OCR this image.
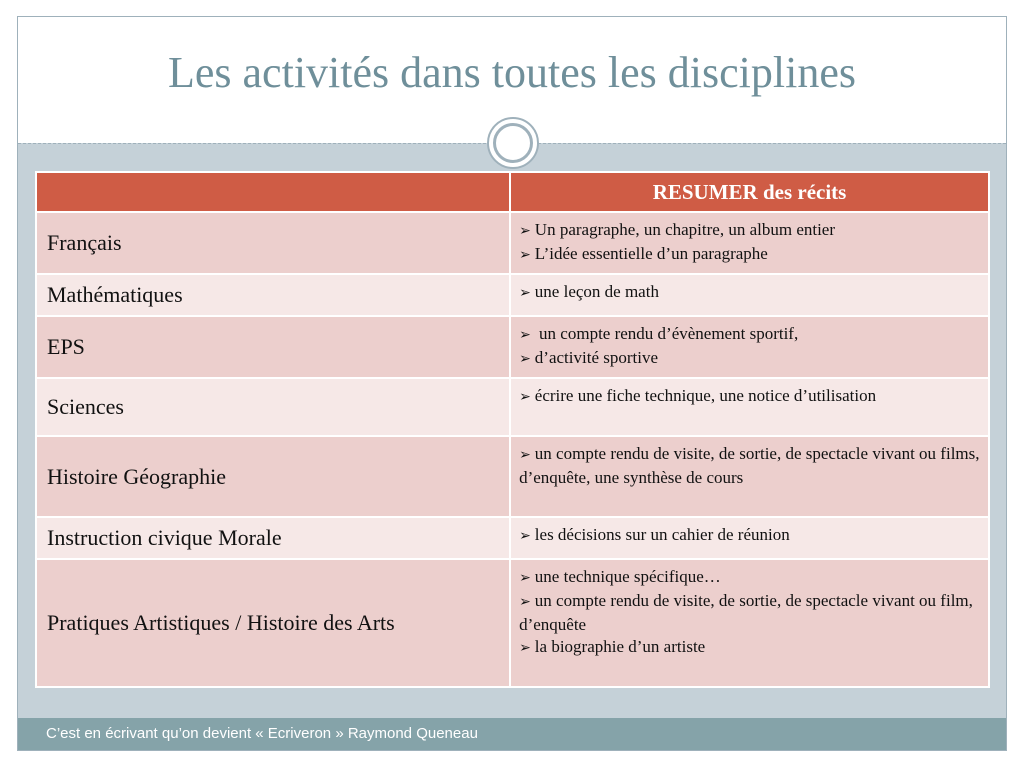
Les activités dans toutes les disciplines
	RESUMER des récits
Français	➢ Un paragraphe, un chapitre, un album entier
➢ L’idée essentielle d’un paragraphe

Mathématiques	➢ une leçon de math

EPS	➢ un compte rendu d’évènement sportif,
➢ d’activité sportive

Sciences	➢ écrire une fiche technique, une notice d’utilisation

Histoire Géographie	➢ un compte rendu de visite, de sortie, de spectacle vivant ou films, d’enquête, une synthèse de cours

Instruction civique Morale	➢ les décisions sur un cahier de réunion

Pratiques Artistiques / Histoire des Arts	➢ une technique spécifique…
➢ un compte rendu de visite, de sortie, de spectacle vivant ou film, d’enquête
➢ la biographie d’un artiste
C’est en écrivant qu’on devient « Ecriveron » Raymond Queneau
